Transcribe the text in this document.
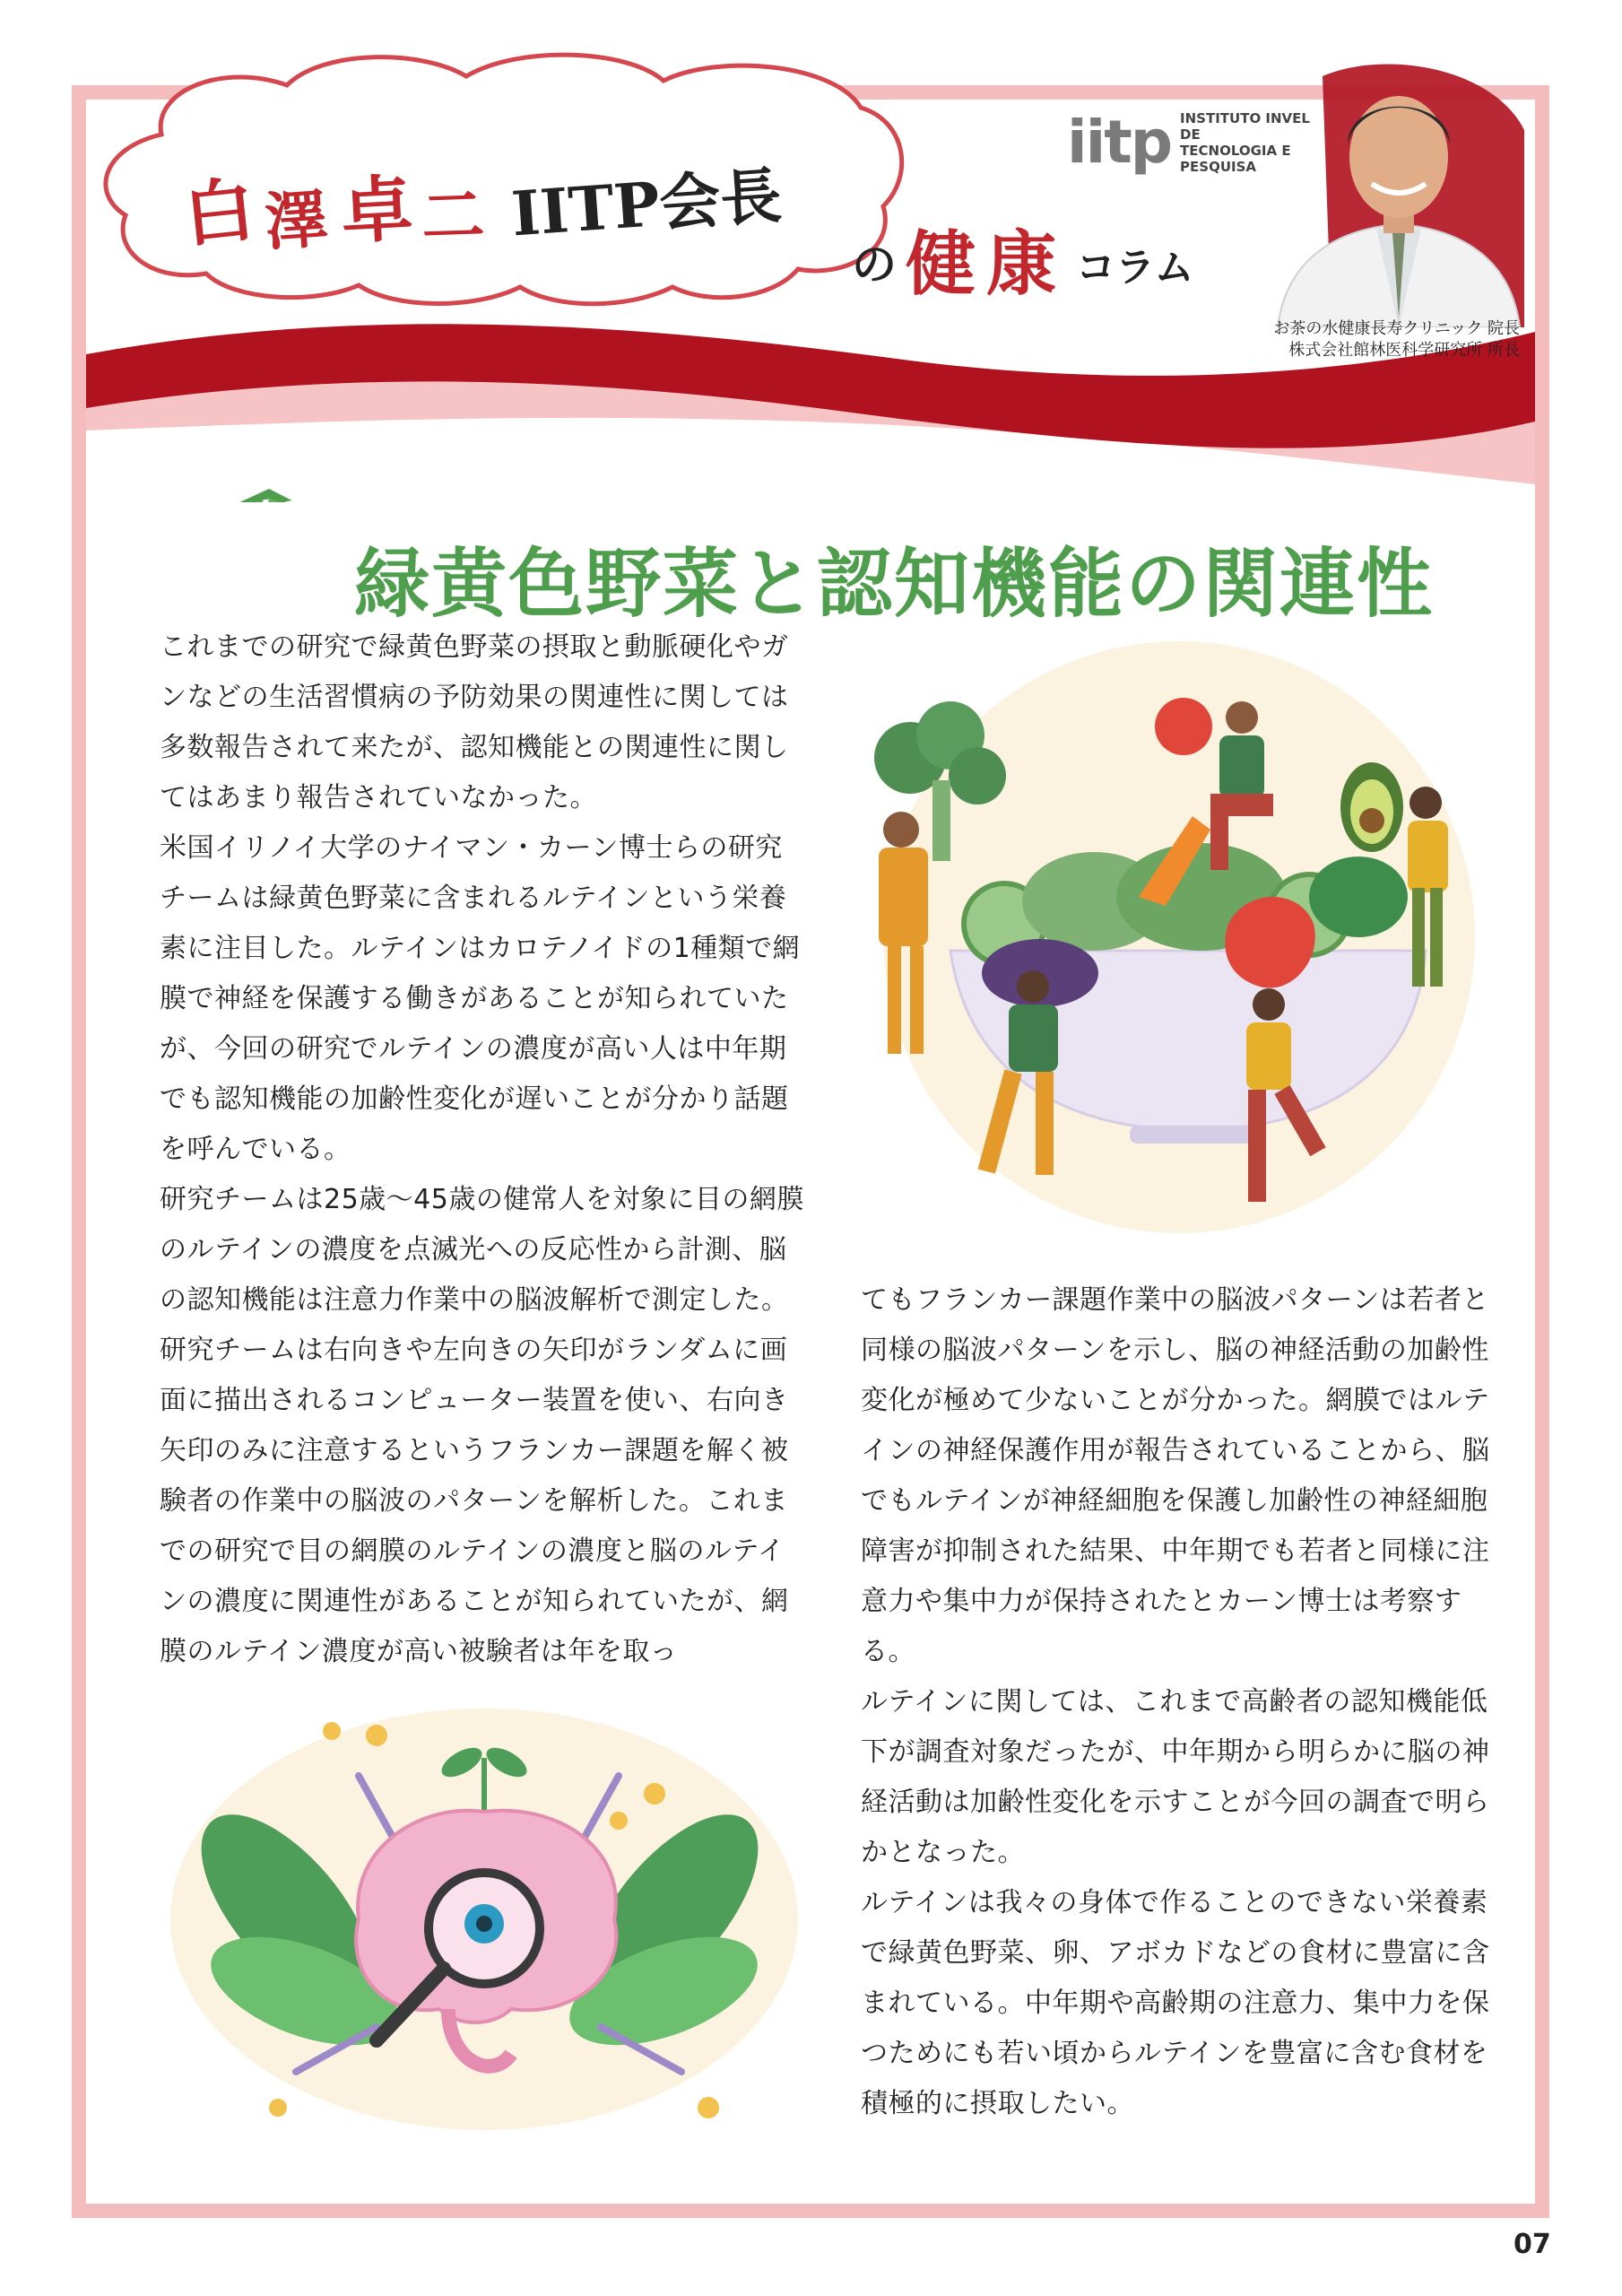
白 澤 卓 二 IITP会長
の 健 康 コラム
iitp INSTITUTO INVEL DE
TECNOLOGIA E PESQUISA
お茶の水健康長寿クリニック 院長
株式会社館林医科学研究所 所長
Vol.11
緑黄色野菜と認知機能の関連性

これまでの研究で緑黄色野菜の摂取と動脈硬化やガンなどの生活習慣病の予防効果の関連性に関しては多数報告されて来たが、認知機能との関連性に関してはあまり報告されていなかった。

米国イリノイ大学のナイマン・カーン博士らの研究チームは緑黄色野菜に含まれるルテインという栄養素に注目した。ルテインはカロテノイドの1種類で網膜で神経を保護する働きがあることが知られていたが、今回の研究でルテインの濃度が高い人は中年期でも認知機能の加齢性変化が遅いことが分かり話題を呼んでいる。

研究チームは25歳～45歳の健常人を対象に目の網膜のルテインの濃度を点滅光への反応性から計測、脳の認知機能は注意力作業中の脳波解析で測定した。研究チームは右向きや左向きの矢印がランダムに画面に描出されるコンピューター装置を使い、右向き矢印のみに注意するというフランカー課題を解く被験者の作業中の脳波のパターンを解析した。これまでの研究で目の網膜のルテインの濃度と脳のルテインの濃度に関連性があることが知られていたが、網膜のルテイン濃度が高い被験者は年を取っ

てもフランカー課題作業中の脳波パターンは若者と同様の脳波パターンを示し、脳の神経活動の加齢性変化が極めて少ないことが分かった。網膜ではルテインの神経保護作用が報告されていることから、脳でもルテインが神経細胞を保護し加齢性の神経細胞障害が抑制された結果、中年期でも若者と同様に注意力や集中力が保持されたとカーン博士は考察する。

ルテインに関しては、これまで高齢者の認知機能低下が調査対象だったが、中年期から明らかに脳の神経活動は加齢性変化を示すことが今回の調査で明らかとなった。

ルテインは我々の身体で作ることのできない栄養素で緑黄色野菜、卵、アボカドなどの食材に豊富に含まれている。中年期や高齢期の注意力、集中力を保つためにも若い頃からルテインを豊富に含む食材を積極的に摂取したい。

07
